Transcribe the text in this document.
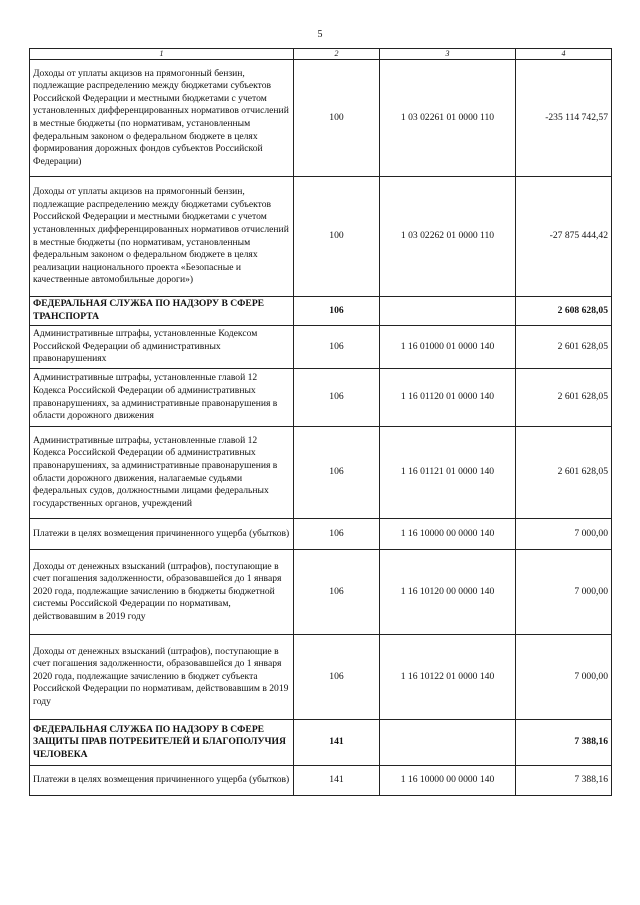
5
1	2	3	4
Доходы от уплаты акцизов на прямогонный бензин, подлежащие распределению между бюджетами субъектов Российской Федерации и местными бюджетами с учетом установленных дифференцированных нормативов отчислений в местные бюджеты (по нормативам, установленным федеральным законом о федеральном бюджете в целях формирования дорожных фондов субъектов Российской Федерации)	100	1 03 02261 01 0000 110	-235 114 742,57
Доходы от уплаты акцизов на прямогонный бензин, подлежащие распределению между бюджетами субъектов Российской Федерации и местными бюджетами с учетом установленных дифференцированных нормативов отчислений в местные бюджеты (по нормативам, установленным федеральным законом о федеральном бюджете в целях реализации национального проекта «Безопасные и качественные автомобильные дороги»)	100	1 03 02262 01 0000 110	-27 875 444,42
ФЕДЕРАЛЬНАЯ СЛУЖБА ПО НАДЗОРУ В СФЕРЕ ТРАНСПОРТА	106		2 608 628,05
Административные штрафы, установленные Кодексом Российской Федерации об административных правонарушениях	106	1 16 01000 01 0000 140	2 601 628,05
Административные штрафы, установленные главой 12 Кодекса Российской Федерации об административных правонарушениях, за административные правонарушения в области дорожного движения	106	1 16 01120 01 0000 140	2 601 628,05
Административные штрафы, установленные главой 12 Кодекса Российской Федерации об административных правонарушениях, за административные правонарушения в области дорожного движения, налагаемые судьями федеральных судов, должностными лицами федеральных государственных органов, учреждений	106	1 16 01121 01 0000 140	2 601 628,05
Платежи в целях возмещения причиненного ущерба (убытков)	106	1 16 10000 00 0000 140	7 000,00
Доходы от денежных взысканий (штрафов), поступающие в счет погашения задолженности, образовавшейся до 1 января 2020 года, подлежащие зачислению в бюджеты бюджетной системы Российской Федерации по нормативам, действовавшим в 2019 году	106	1 16 10120 00 0000 140	7 000,00
Доходы от денежных взысканий (штрафов), поступающие в счет погашения задолженности, образовавшейся до 1 января 2020 года, подлежащие зачислению в бюджет субъекта Российской Федерации по нормативам, действовавшим в 2019 году	106	1 16 10122 01 0000 140	7 000,00
ФЕДЕРАЛЬНАЯ СЛУЖБА ПО НАДЗОРУ В СФЕРЕ ЗАЩИТЫ ПРАВ ПОТРЕБИТЕЛЕЙ И БЛАГОПОЛУЧИЯ ЧЕЛОВЕКА	141		7 388,16
Платежи в целях возмещения причиненного ущерба (убытков)	141	1 16 10000 00 0000 140	7 388,16
